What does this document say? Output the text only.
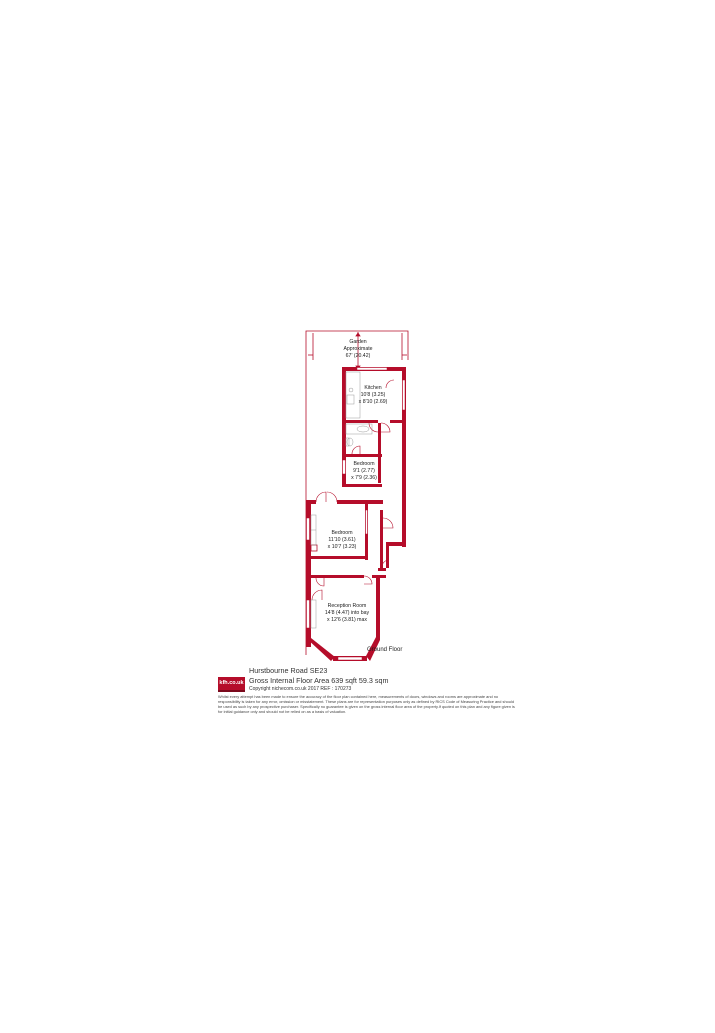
Garden
Approximate
67' (20.42)
Kitchen
10'8 (3.25)
x 8'10 (2.69)
Bedroom
9'1 (2.77)
x 7'9 (2.36)
Bedroom
11'10 (3.61)
x 10'7 (3.23)
Reception Room
14'8 (4.47) into bay
x 12'6 (3.81) max
Ground Floor
kfh.co.uk
Hurstbourne Road SE23
Gross Internal Floor Area 639 sqft 59.3 sqm
Copyright nichecom.co.uk 2017 REF : 170273
Whilst every attempt has been made to ensure the accuracy of the floor plan contained here, measurements of doors, windows and rooms are approximate and no responsibility is taken for any error, omission or misstatement. These plans are for representation purposes only as defined by RICS Code of Measuring Practice and should be used as such by any prospective purchaser. Specifically no guarantee is given on the gross internal floor area of the property.If quoted on this plan and any figure given is for initial guidance only and should not be relied on as a basis of valuation.
